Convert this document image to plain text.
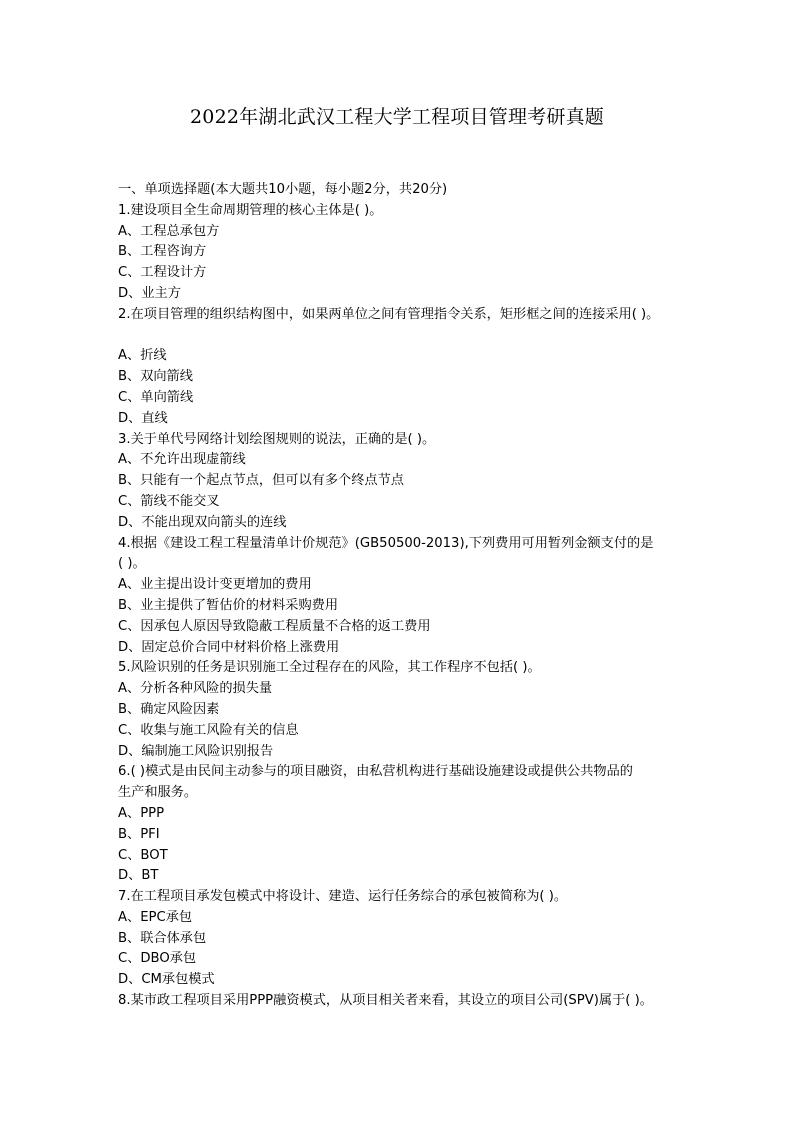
2022年湖北武汉工程大学工程项目管理考研真题
一、单项选择题(本大题共10小题，每小题2分，共20分)
1.建设项目全生命周期管理的核心主体是( )。
A、工程总承包方
B、工程咨询方
C、工程设计方
D、业主方
2.在项目管理的组织结构图中，如果两单位之间有管理指令关系，矩形框之间的连接采用( )。
A、折线
B、双向箭线
C、单向箭线
D、直线
3.关于单代号网络计划绘图规则的说法，正确的是( )。
A、不允许出现虚箭线
B、只能有一个起点节点，但可以有多个终点节点
C、箭线不能交叉
D、不能出现双向箭头的连线
4.根据《建设工程工程量清单计价规范》(GB50500-2013),下列费用可用暂列金额支付的是
( )。
A、业主提出设计变更增加的费用
B、业主提供了暂估价的材料采购费用
C、因承包人原因导致隐蔽工程质量不合格的返工费用
D、固定总价合同中材料价格上涨费用
5.风险识别的任务是识别施工全过程存在的风险，其工作程序不包括( )。
A、分析各种风险的损失量
B、确定风险因素
C、收集与施工风险有关的信息
D、编制施工风险识别报告
6.( )模式是由民间主动参与的项目融资，由私营机构进行基础设施建设或提供公共物品的
生产和服务。
A、PPP
B、PFI
C、BOT
D、BT
7.在工程项目承发包模式中将设计、建造、运行任务综合的承包被简称为( )。
A、EPC承包
B、联合体承包
C、DBO承包
D、CM承包模式
8.某市政工程项目采用PPP融资模式，从项目相关者来看，其设立的项目公司(SPV)属于( )。
